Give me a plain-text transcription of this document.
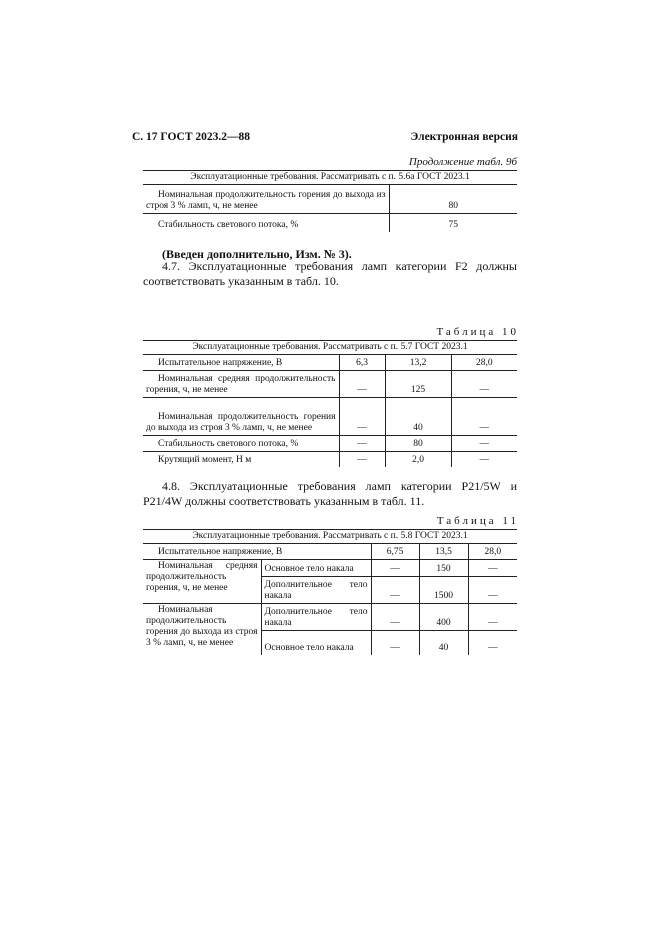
С. 17 ГОСТ 2023.2—88	Электронная версия
Продолжение табл. 9б
Эксплуатационные требования. Рассматривать с п. 5.6а ГОСТ 2023.1	
Номинальная продолжительность горения до выхода из строя 3 % ламп, ч, не менее	80
Стабильность светового потока, %	75
(Введен дополнительно, Изм. № 3).
4.7. Эксплуатационные требования ламп категории F2 должны соответствовать указанным в табл. 10.
Таблица 10
Эксплуатационные требования. Рассматривать с п. 5.7 ГОСТ 2023.1			
Испытательное напряжение, В	6,3	13,2	28,0
Номинальная средняя продолжительность горения, ч, не менее	—	125	—
Номинальная продолжительность горения до выхода из строя 3 % ламп, ч, не менее	—	40	—
Стабильность светового потока, %	—	80	—
Крутящий момент, Н м	—	2,0	—
4.8. Эксплуатационные требования ламп категории P21/5W и P21/4W должны соответствовать указанным в табл. 11.
Таблица 11
Эксплуатационные требования. Рассматривать с п. 5.8 ГОСТ 2023.1				
Испытательное напряжение, В		6,75	13,5	28,0
Номинальная средняя продолжительность горения, ч, не менее	Основное тело накала	—	150	—
	Дополнительное тело накала	—	1500	—
Номинальная продолжительность горения до выхода из строя 3 % ламп, ч, не менее	Дополнительное тело накала	—	400	—
	Основное тело накала	—	40	—
